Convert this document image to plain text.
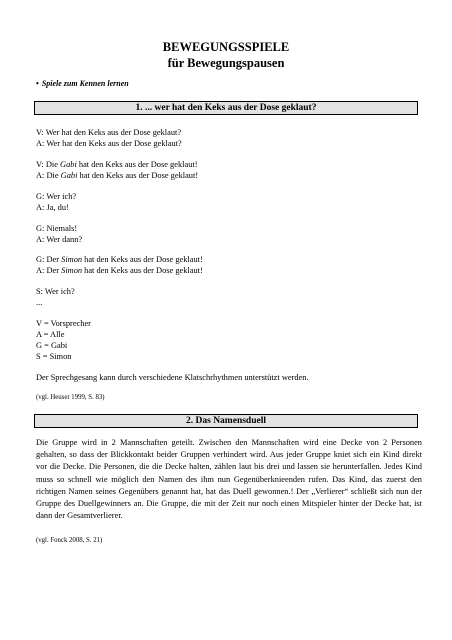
BEWEGUNGSSPIELE
für Bewegungspausen
• Spiele zum Kennen lernen
1. ... wer hat den Keks aus der Dose geklaut?
V: Wer hat den Keks aus der Dose geklaut?
A: Wer hat den Keks aus der Dose geklaut?
V: Die Gabi hat den Keks aus der Dose geklaut!
A: Die Gabi hat den Keks aus der Dose geklaut!
G: Wer ich?
A: Ja, du!
G: Niemals!
A: Wer dann?
G: Der Simon hat den Keks aus der Dose geklaut!
A: Der Simon hat den Keks aus der Dose geklaut!
S: Wer ich?
...
V = Vorsprecher
A = Alle
G = Gabi
S = Simon
Der Sprechgesang kann durch verschiedene Klatschrhythmen unterstützt werden.
(vgl. Heuser 1999, S. 83)
2. Das Namensduell
Die Gruppe wird in 2 Mannschaften geteilt. Zwischen den Mannschaften wird eine Decke von 2 Personen gehalten, so dass der Blickkontakt beider Gruppen verhindert wird. Aus jeder Gruppe kniet sich ein Kind direkt vor die Decke. Die Personen, die die Decke halten, zählen laut bis drei und lassen sie herunterfallen. Jedes Kind muss so schnell wie möglich den Namen des ihm nun Gegenüberknieenden rufen. Das Kind, das zuerst den richtigen Namen seines Gegenübers genannt hat, hat das Duell gewonnen.! Der „Verlierer“ schließt sich nun der Gruppe des Duellgewinners an. Die Gruppe, die mit der Zeit nur noch einen Mitspieler hinter der Decke hat, ist dann der Gesamtverlierer.
(vgl. Fonck 2008, S. 21)
